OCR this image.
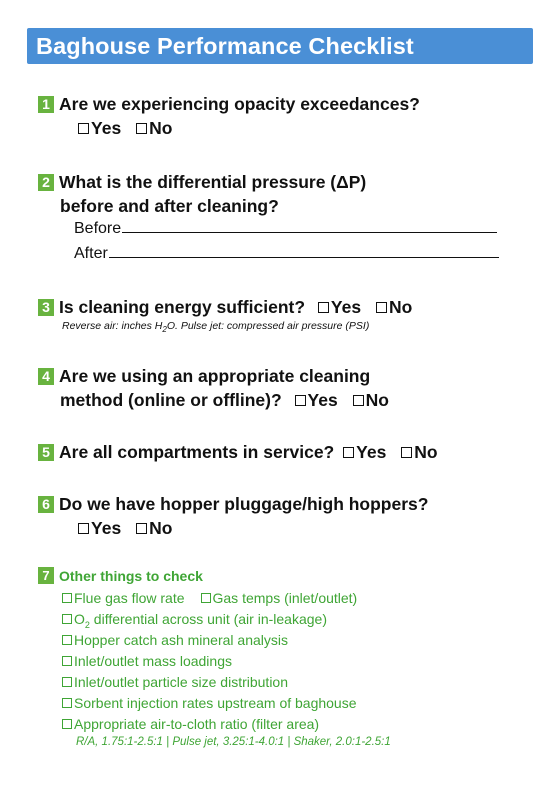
Baghouse Performance Checklist
1 Are we experiencing opacity exceedances?
Yes No
2 What is the differential pressure (ΔP)
before and after cleaning?
Before
After
3 Is cleaning energy sufficient? Yes No
Reverse air: inches $H_2O$. Pulse jet: compressed air pressure (PSI)
4 Are we using an appropriate cleaning
method (online or offline)? Yes No
5 Are all compartments in service? Yes No
6 Do we have hopper pluggage/high hoppers?
Yes No
7 Other things to check
Flue gas flow rate Gas temps (inlet/outlet)
$O_2$ differential across unit (air in-leakage)
Hopper catch ash mineral analysis
Inlet/outlet mass loadings
Inlet/outlet particle size distribution
Sorbent injection rates upstream of baghouse
Appropriate air-to-cloth ratio (filter area)
R/A, 1.75:1-2.5:1 | Pulse jet, 3.25:1-4.0:1 | Shaker, 2.0:1-2.5:1
